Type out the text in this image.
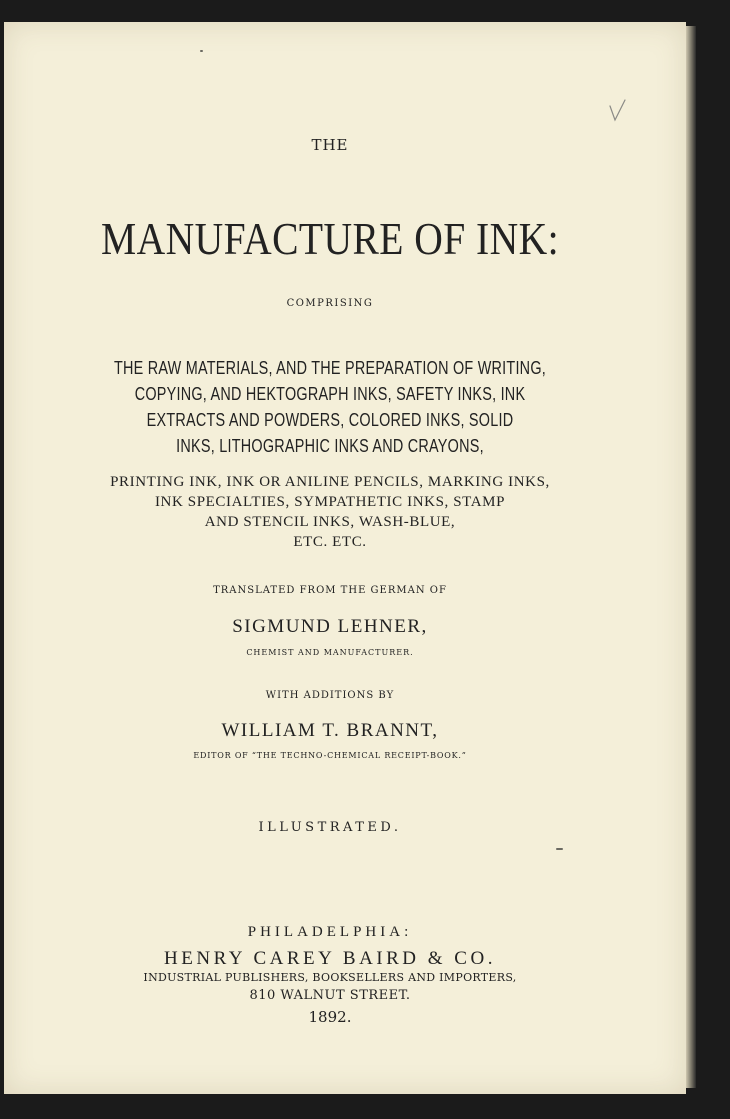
THE
MANUFACTURE OF INK:
COMPRISING
THE RAW MATERIALS, AND THE PREPARATION OF WRITING,
COPYING, AND HEKTOGRAPH INKS, SAFETY INKS, INK
EXTRACTS AND POWDERS, COLORED INKS, SOLID
INKS, LITHOGRAPHIC INKS AND CRAYONS,
PRINTING INK, INK OR ANILINE PENCILS, MARKING INKS,
INK SPECIALTIES, SYMPATHETIC INKS, STAMP
AND STENCIL INKS, WASH-BLUE,
ETC. ETC.
TRANSLATED FROM THE GERMAN OF
SIGMUND LEHNER,
CHEMIST AND MANUFACTURER.
WITH ADDITIONS BY
WILLIAM T. BRANNT,
EDITOR OF “THE TECHNO-CHEMICAL RECEIPT-BOOK.”
ILLUSTRATED.
PHILADELPHIA:
HENRY CAREY BAIRD & CO.
INDUSTRIAL PUBLISHERS, BOOKSELLERS AND IMPORTERS,
810 WALNUT STREET.
1892.
